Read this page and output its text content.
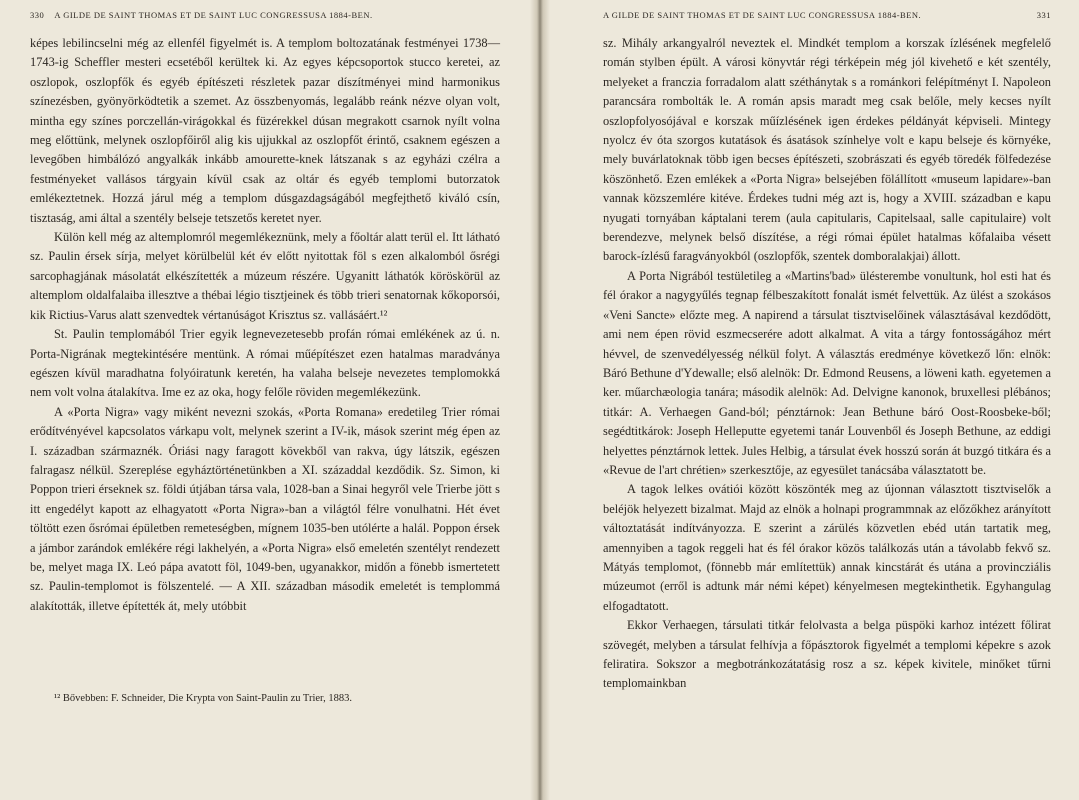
330 A GILDE DE SAINT THOMAS ET DE SAINT LUC CONGRESSUSA 1884-BEN.

képes lebilincselni még az ellenfél figyelmét is. A templom boltozatának festményei 1738—1743-ig Scheffler mesteri ecsetéből kerültek ki. Az egyes képcsoportok stucco keretei, az oszlopok, oszlopfők és egyéb építészeti részletek pazar díszítményei mind harmonikus színezésben, gyönyörködtetik a szemet. Az összbenyomás, legalább reánk nézve olyan volt, mintha egy színes porczellán-virágokkal és füzérekkel dúsan megrakott csarnok nyílt volna meg előttünk, melynek oszlopfőiről alig kis ujjukkal az oszlopfőt érintő, csaknem egészen a levegőben himbálózó angyalkák inkább amourette-knek látszanak s az egyházi czélra a festményeket vallásos tárgyain kívül csak az oltár és egyéb templomi butorzatok emlékeztetnek. Hozzá járul még a templom dúsgazdagságából megfejthető kiváló csín, tisztaság, ami által a szentély belseje tetszetős keretet nyer.

Külön kell még az altemplomról megemlékeznünk, mely a főoltár alatt terül el. Itt látható sz. Paulin érsek sírja, melyet körülbelül két év előtt nyitottak föl s ezen alkalomból ősrégi sarcophagjának másolatát elkészítették a múzeum részére. Ugyanitt láthatók köröskörül az altemplom oldalfalaiba illesztve a thébai légio tisztjeinek és több trieri senatornak kőkoporsói, kik Rictius-Varus alatt szenvedtek vértanúságot Krisztus sz. vallásáért.¹²

St. Paulin templomából Trier egyik legnevezetesebb profán római emlékének az ú. n. Porta-Nigrának megtekintésére mentünk. A római műépítészet ezen hatalmas maradványa egészen kívül maradhatna folyóiratunk keretén, ha valaha belseje nevezetes templomokká nem volt volna átalakítva. Ime ez az oka, hogy felőle röviden megemlékezünk.

A «Porta Nigra» vagy miként nevezni szokás, «Porta Romana» eredetileg Trier római erődítvényével kapcsolatos várkapu volt, melynek szerint a IV-ik, mások szerint még épen az I. században származnék. Óriási nagy faragott kövekből van rakva, úgy látszik, egészen falragasz nélkül. Szereplése egyháztörténetünkben a XI. századdal kezdődik. Sz. Simon, ki Poppon trieri érseknek sz. földi útjában társa vala, 1028-ban a Sinai hegyről vele Trierbe jött s itt engedélyt kapott az elhagyatott «Porta Nigra»-ban a világtól félre vonulhatni. Hét évet töltött ezen ősrómai épületben remeteségben, mígnem 1035-ben utólérte a halál. Poppon érsek a jámbor zarándok emlékére régi lakhelyén, a «Porta Nigra» első emeletén szentélyt rendezett be, melyet maga IX. Leó pápa avatott föl, 1049-ben, ugyanakkor, midőn a fönebb ismertetett sz. Paulin-templomot is fölszentelé. — A XII. században második emeletét is templommá alakították, illetve építették át, mely utóbbit

¹² Bővebben: F. Schneider, Die Krypta von Saint-Paulin zu Trier, 1883.
A GILDE DE SAINT THOMAS ET DE SAINT LUC CONGRESSUSA 1884-BEN.	331

sz. Mihály arkangyalról neveztek el. Mindkét templom a korszak ízlésének megfelelő román stylben épült. A városi könyvtár régi térképein még jól kivehető e két szentély, melyeket a franczia forradalom alatt széthánytak s a románkori felépítményt I. Napoleon parancsára rombolták le. A román apsis maradt meg csak belőle, mely kecses nyílt oszlopfolyosójával e korszak műízlésének igen érdekes példányát képviseli. Mintegy nyolcz év óta szorgos kutatások és ásatások színhelye volt e kapu belseje és környéke, mely buvárlatoknak több igen becses építészeti, szobrászati és egyéb töredék fölfedezése köszönhető. Ezen emlékek a «Porta Nigra» belsejében fölállított «museum lapidare»-ban vannak közszemlére kitéve. Érdekes tudni még azt is, hogy a XVIII. században e kapu nyugati tornyában káptalani terem (aula capitularis, Capitelsaal, salle capitulaire) volt berendezve, melynek belső díszítése, a régi római épület hatalmas kőfalaiba vésett barock-ízlésű faragványokból (oszlopfők, szentek domboralakjai) állott.

A Porta Nigrából testületileg a «Martins'bad» ülésterembe vonultunk, hol esti hat és fél órakor a nagygyűlés tegnap félbeszakított fonalát ismét felvettük. Az ülést a szokásos «Veni Sancte» előzte meg. A napirend a társulat tisztviselőinek választásával kezdődött, ami nem épen rövid eszmecserére adott alkalmat. A vita a tárgy fontosságához mért hévvel, de szenvedélyesség nélkül folyt. A választás eredménye következő lőn: elnök: Báró Bethune d'Ydewalle; első alelnök: Dr. Edmond Reusens, a löweni kath. egyetemen a ker. műarchæologia tanára; második alelnök: Ad. Delvigne kanonok, bruxellesi plébános; titkár: A. Verhaegen Gand-ból; pénztárnok: Jean Bethune báró Oost-Roosbeke-ből; segédtitkárok: Joseph Helleputte egyetemi tanár Louvenből és Joseph Bethune, az eddigi helyettes pénztárnok lettek. Jules Helbig, a társulat évek hosszú során át buzgó titkára és a «Revue de l'art chrétien» szerkesztője, az egyesület tanácsába választatott be.

A tagok lelkes ovátiói között köszönték meg az újonnan választott tisztviselők a beléjök helyezett bizalmat. Majd az elnök a holnapi programmnak az előzőkhez arányított változtatását indítványozza. E szerint a zárülés közvetlen ebéd után tartatik meg, amennyiben a tagok reggeli hat és fél órakor közös találkozás után a távolabb fekvő sz. Mátyás templomot, (fönnebb már említettük) annak kincstárát és utána a provincziális múzeumot (erről is adtunk már némi képet) kényelmesen megtekinthetik. Egyhangulag elfogadtatott.

Ekkor Verhaegen, társulati titkár felolvasta a belga püspöki karhoz intézett főlirat szövegét, melyben a társulat felhívja a főpásztorok figyelmét a templomi képekre s azok feliratira. Sokszor a megbotránkozátatásig rosz a sz. képek kivitele, minőket tűrni templomainkban
